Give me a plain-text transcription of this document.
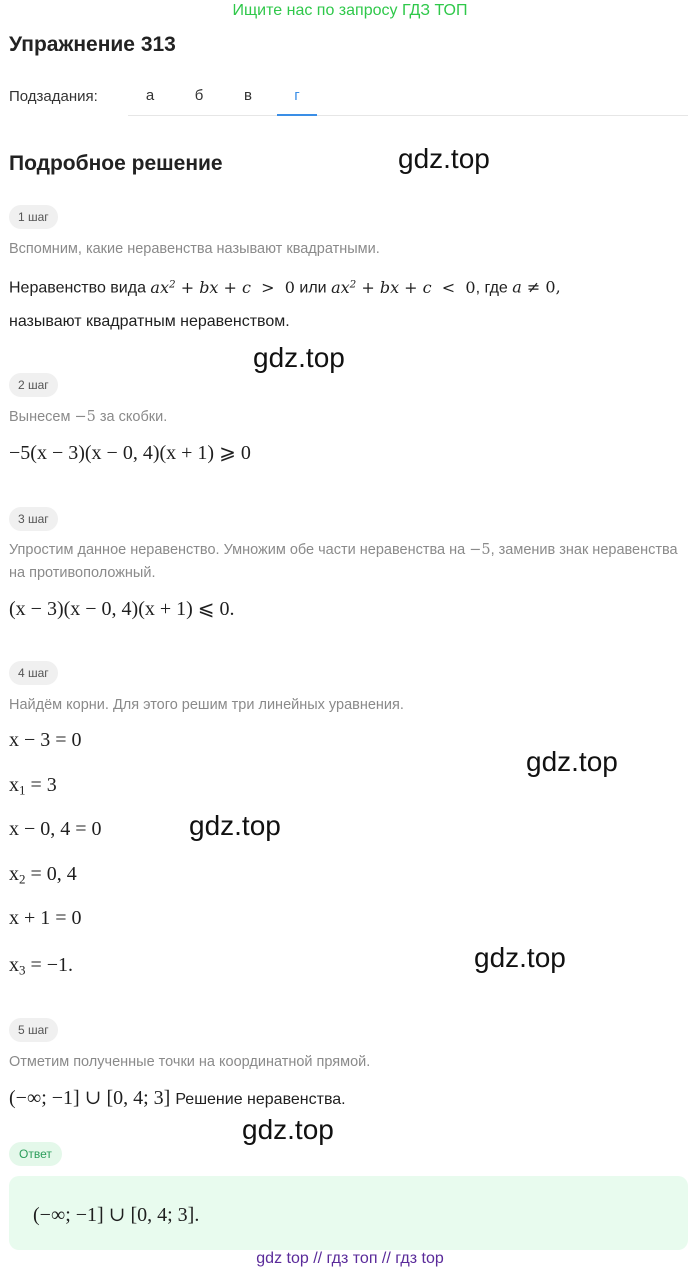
Ищите нас по запросу ГДЗ ТОП
Упражнение 313
Подзадания:	а	б	в	г
Подробное решение	gdz.top
gdz.top
gdz.top
gdz.top
gdz.top
gdz.top
1 шаг
Вспомним, какие неравенства называют квадратными.
Неравенство вида $ax^2$ + bx + c  >  0 или $ax^2$ + bx + c  <  0, где a ≠ 0,
называют квадратным неравенством.
2 шаг
Вынесем −5 за скобки.
−5(x − 3)(x − 0, 4)(x + 1) ⩾ 0
3 шаг
Упростим данное неравенство. Умножим обе части неравенства на −5, заменив знак неравенства на противоположный.
(x − 3)(x − 0, 4)(x + 1) ⩽ 0.
4 шаг
Найдём корни. Для этого решим три линейных уравнения.
x − 3 = 0
$x_1 = 3$
x − 0, 4 = 0
$x_2 = 0$, 4
x + 1 = 0
$x_3 = -1$.
5 шаг
Отметим полученные точки на координатной прямой.
(−∞; −1] ∪ [0, 4; 3] Решение неравенства.
Ответ
(−∞; −1] ∪ [0, 4; 3].
gdz top // гдз топ // гдз top
